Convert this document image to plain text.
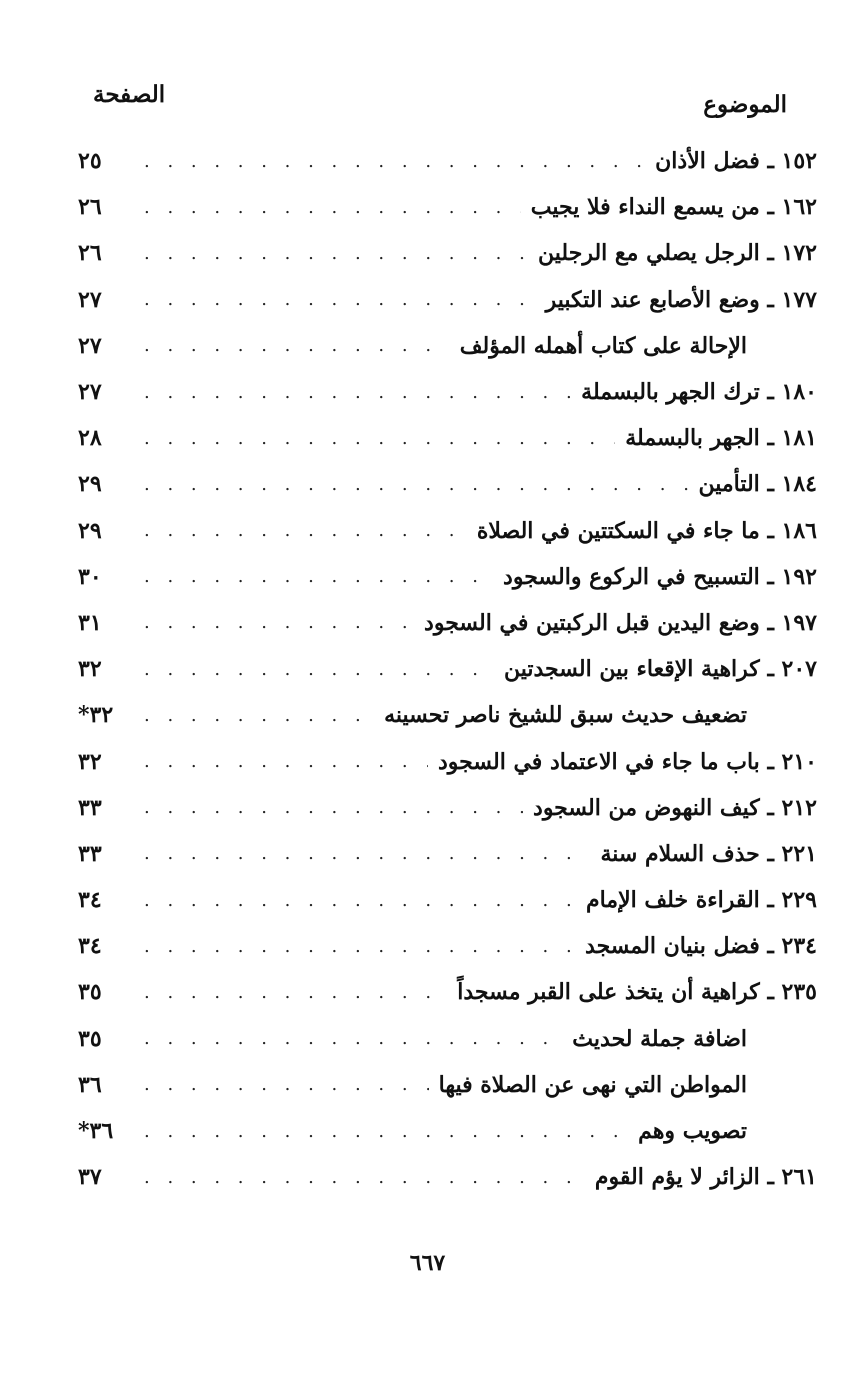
الموضوع
الصفحة
١٥٢ ـ فضل الأذان
. . .
٢٥
١٦٢ ـ من يسمع النداء فلا يجيب
. . .
٢٦
١٧٢ ـ الرجل يصلي مع الرجلين
. . .
٢٦
١٧٧ ـ وضع الأصابع عند التكبير
. . .
٢٧
الإحالة على كتاب أهمله المؤلف
. . .
٢٧
١٨٠ ـ ترك الجهر بالبسملة
. . .
٢٧
١٨١ ـ الجهر بالبسملة
. . .
٢٨
١٨٤ ـ التأمين
. . .
٢٩
١٨٦ ـ ما جاء في السكتتين في الصلاة
. . .
٢٩
١٩٢ ـ التسبيح في الركوع والسجود
. . .
٣٠
١٩٧ ـ وضع اليدين قبل الركبتين في السجود
. . .
٣١
٢٠٧ ـ كراهية الإقعاء بين السجدتين
. . .
٣٢
تضعيف حديث سبق للشيخ ناصر تحسينه
. . .
٣٢*
٢١٠ ـ باب ما جاء في الاعتماد في السجود
. . .
٣٢
٢١٢ ـ كيف النهوض من السجود
. . .
٣٣
٢٢١ ـ حذف السلام سنة
. . .
٣٣
٢٢٩ ـ القراءة خلف الإمام
. . .
٣٤
٢٣٤ ـ فضل بنيان المسجد
. . .
٣٤
٢٣٥ ـ كراهية أن يتخذ على القبر مسجداً
. . .
٣٥
اضافة جملة لحديث
. . .
٣٥
المواطن التي نهى عن الصلاة فيها
. . .
٣٦
تصويب وهم
. . .
٣٦*
٢٦١ ـ الزائر لا يؤم القوم
. . .
٣٧
٦٦٧
